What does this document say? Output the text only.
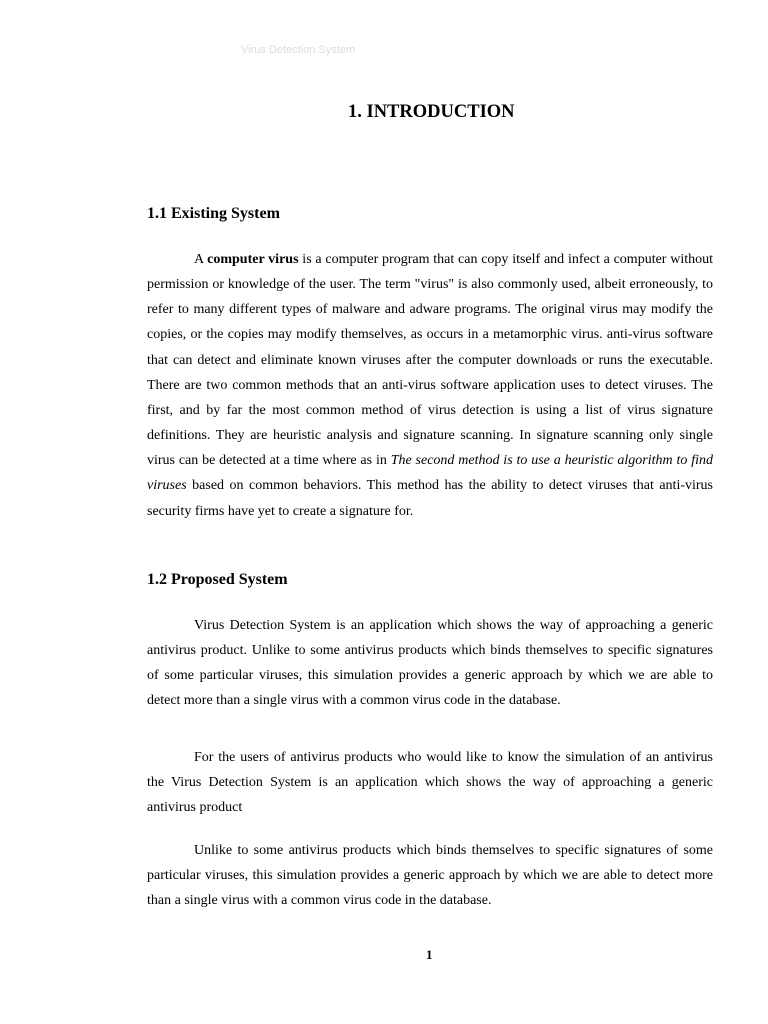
Virus Detection System
1. INTRODUCTION
1.1 Existing System

A computer virus is a computer program that can copy itself and infect a computer without permission or knowledge of the user. The term "virus" is also commonly used, albeit erroneously, to refer to many different types of malware and adware programs. The original virus may modify the copies, or the copies may modify themselves, as occurs in a metamorphic virus. anti-virus software that can detect and eliminate known viruses after the computer downloads or runs the executable. There are two common methods that an anti-virus software application uses to detect viruses. The first, and by far the most common method of virus detection is using a list of virus signature definitions. They are heuristic analysis and signature scanning. In signature scanning only single virus can be detected at a time where as in The second method is to use a heuristic algorithm to find viruses based on common behaviors. This method has the ability to detect viruses that anti-virus security firms have yet to create a signature for.

1.2 Proposed System

Virus Detection System is an application which shows the way of approaching a generic antivirus product. Unlike to some antivirus products which binds themselves to specific signatures of some particular viruses, this simulation provides a generic approach by which we are able to detect more than a single virus with a common virus code in the database.

For the users of antivirus products who would like to know the simulation of an antivirus the Virus Detection System is an application which shows the way of approaching a generic antivirus product

Unlike to some antivirus products which binds themselves to specific signatures of some particular viruses, this simulation provides a generic approach by which we are able to detect more than a single virus with a common virus code in the database.

1
